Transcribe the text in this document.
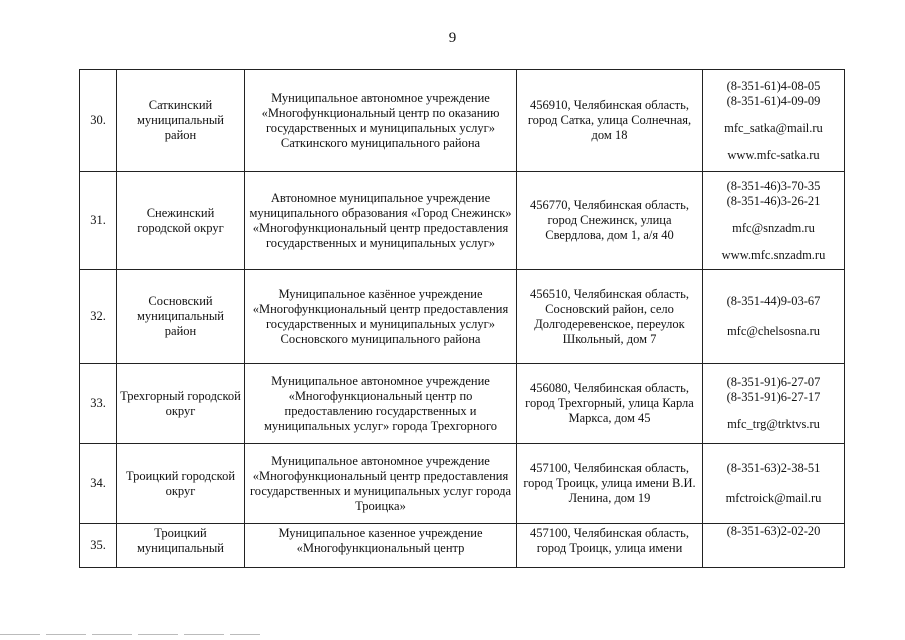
9
30.	Саткинский муниципальный район	Муниципальное автономное учреждение «Многофункциональный центр по оказанию государственных и муниципальных услуг» Саткинского муниципального района	456910, Челябинская область, город Сатка, улица Солнечная, дом 18	(8-351-61)4-08-05
(8-351-61)4-09-09
mfc_satka@mail.ru
www.mfc-satka.ru

31.	Снежинский городской округ	Автономное муниципальное учреждение муниципального образования «Город Снежинск» «Многофункциональный центр предоставления государственных и муниципальных услуг»	456770, Челябинская область, город Снежинск, улица Свердлова, дом 1, а/я 40	(8-351-46)3-70-35
(8-351-46)3-26-21
mfc@snzadm.ru
www.mfc.snzadm.ru

32.	Сосновский муниципальный район	Муниципальное казённое учреждение «Многофункциональный центр предоставления государственных и муниципальных услуг» Сосновского муниципального района	456510, Челябинская область, Сосновский район, село Долгодеревенское, переулок Школьный, дом 7	(8-351-44)9-03-67
mfc@chelsosna.ru

33.	Трехгорный городской округ	Муниципальное автономное учреждение «Многофункциональный центр по предоставлению государственных и муниципальных услуг» города Трехгорного	456080, Челябинская область, город Трехгорный, улица Карла Маркса, дом 45	(8-351-91)6-27-07
(8-351-91)6-27-17
mfc_trg@trktvs.ru

34.	Троицкий городской округ	Муниципальное автономное учреждение «Многофункциональный центр предоставления государственных и муниципальных услуг города Троицка»	457100, Челябинская область, город Троицк, улица имени В.И. Ленина, дом 19	(8-351-63)2-38-51
mfctroick@mail.ru

35.	Троицкий муниципальный	Муниципальное казенное учреждение «Многофункциональный центр	457100, Челябинская область, город Троицк, улица имени	(8-351-63)2-02-20
